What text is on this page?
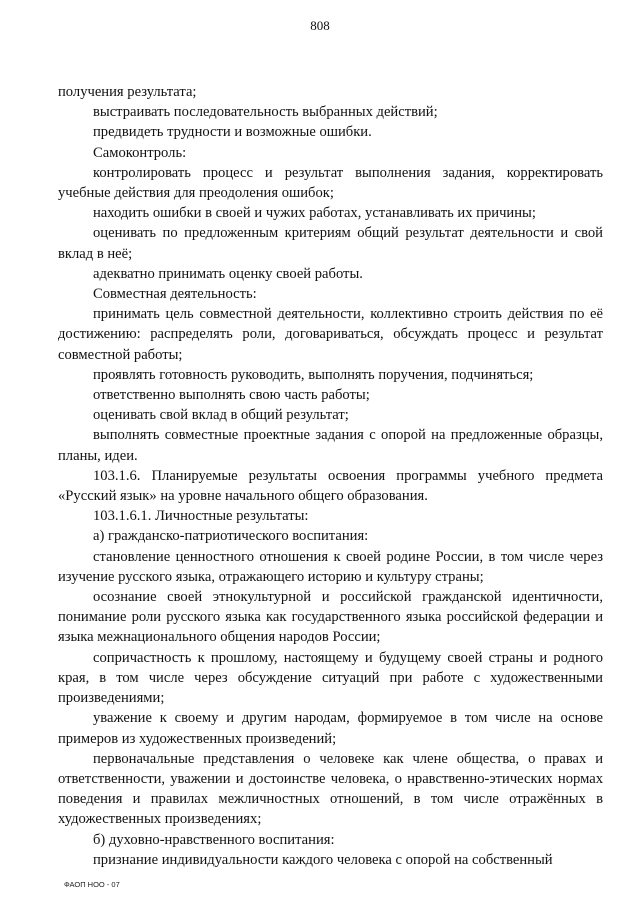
808

получения результата;

выстраивать последовательность выбранных действий;

предвидеть трудности и возможные ошибки.

Самоконтроль:

контролировать процесс и результат выполнения задания, корректировать учебные действия для преодоления ошибок;

находить ошибки в своей и чужих работах, устанавливать их причины;

оценивать по предложенным критериям общий результат деятельности и свой вклад в неё;

адекватно принимать оценку своей работы.

Совместная деятельность:

принимать цель совместной деятельности, коллективно строить действия по её достижению: распределять роли, договариваться, обсуждать процесс и результат совместной работы;

проявлять готовность руководить, выполнять поручения, подчиняться;

ответственно выполнять свою часть работы;

оценивать свой вклад в общий результат;

выполнять совместные проектные задания с опорой на предложенные образцы, планы, идеи.

103.1.6. Планируемые результаты освоения программы учебного предмета «Русский язык» на уровне начального общего образования.

103.1.6.1. Личностные результаты:

а) гражданско-патриотического воспитания:

становление ценностного отношения к своей родине России, в том числе через изучение русского языка, отражающего историю и культуру страны;

осознание своей этнокультурной и российской гражданской идентичности, понимание роли русского языка как государственного языка российской федерации и языка межнационального общения народов России;

сопричастность к прошлому, настоящему и будущему своей страны и родного края, в том числе через обсуждение ситуаций при работе с художественными произведениями;

уважение к своему и другим народам, формируемое в том числе на основе примеров из художественных произведений;

первоначальные представления о человеке как члене общества, о правах и ответственности, уважении и достоинстве человека, о нравственно-этических нормах поведения и правилах межличностных отношений, в том числе отражённых в художественных произведениях;

б) духовно-нравственного воспитания:

признание индивидуальности каждого человека с опорой на собственный

ФАОП НОО - 07
